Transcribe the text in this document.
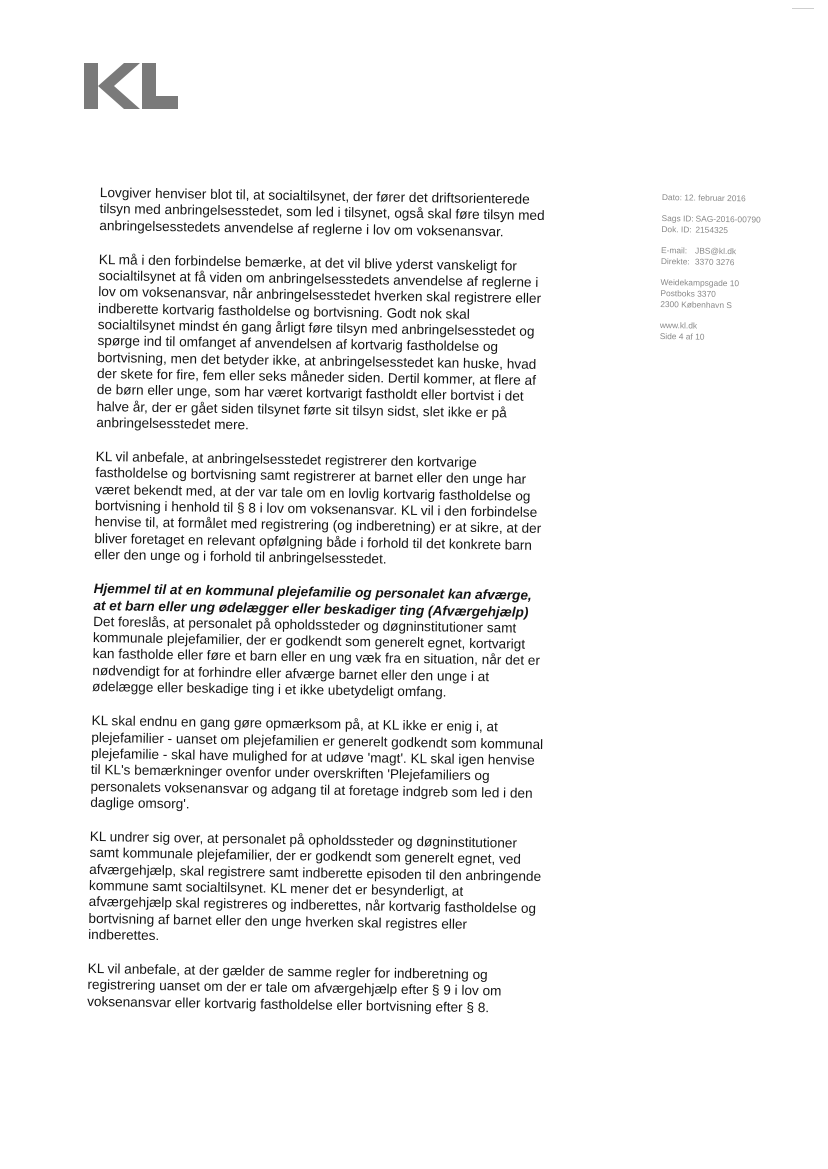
Lovgiver henviser blot til, at socialtilsynet, der fører det driftsorienterede tilsyn med anbringelsesstedet, som led i tilsynet, også skal føre tilsyn med anbringelsesstedets anvendelse af reglerne i lov om voksenansvar.

KL må i den forbindelse bemærke, at det vil blive yderst vanskeligt for socialtilsynet at få viden om anbringelsesstedets anvendelse af reglerne i lov om voksenansvar, når anbringelsesstedet hverken skal registrere eller indberette kortvarig fastholdelse og bortvisning. Godt nok skal socialtilsynet mindst én gang årligt føre tilsyn med anbringelsesstedet og spørge ind til omfanget af anvendelsen af kortvarig fastholdelse og bortvisning, men det betyder ikke, at anbringelsesstedet kan huske, hvad der skete for fire, fem eller seks måneder siden. Dertil kommer, at flere af de børn eller unge, som har været kortvarigt fastholdt eller bortvist i det halve år, der er gået siden tilsynet førte sit tilsyn sidst, slet ikke er på anbringelsesstedet mere.

KL vil anbefale, at anbringelsesstedet registrerer den kortvarige fastholdelse og bortvisning samt registrerer at barnet eller den unge har været bekendt med, at der var tale om en lovlig kortvarig fastholdelse og bortvisning i henhold til § 8 i lov om voksenansvar. KL vil i den forbindelse henvise til, at formålet med registrering (og indberetning) er at sikre, at der bliver foretaget en relevant opfølgning både i forhold til det konkrete barn eller den unge og i forhold til anbringelsesstedet.

Hjemmel til at en kommunal plejefamilie og personalet kan afværge, at et barn eller ung ødelægger eller beskadiger ting (Afværgehjælp)

Det foreslås, at personalet på opholdssteder og døgninstitutioner samt kommunale plejefamilier, der er godkendt som generelt egnet, kortvarigt kan fastholde eller føre et barn eller en ung væk fra en situation, når det er nødvendigt for at forhindre eller afværge barnet eller den unge i at ødelægge eller beskadige ting i et ikke ubetydeligt omfang.

KL skal endnu en gang gøre opmærksom på, at KL ikke er enig i, at plejefamilier - uanset om plejefamilien er generelt godkendt som kommunal plejefamilie - skal have mulighed for at udøve 'magt'. KL skal igen henvise til KL's bemærkninger ovenfor under overskriften 'Plejefamiliers og personalets voksenansvar og adgang til at foretage indgreb som led i den daglige omsorg'.

KL undrer sig over, at personalet på opholdssteder og døgninstitutioner samt kommunale plejefamilier, der er godkendt som generelt egnet, ved afværgehjælp, skal registrere samt indberette episoden til den anbringende kommune samt socialtilsynet. KL mener det er besynderligt, at afværgehjælp skal registreres og indberettes, når kortvarig fastholdelse og bortvisning af barnet eller den unge hverken skal registres eller indberettes.

KL vil anbefale, at der gælder de samme regler for indberetning og registrering uanset om der er tale om afværgehjælp efter § 9 i lov om voksenansvar eller kortvarig fastholdelse eller bortvisning efter § 8.

Dato: 12. februar 2016
Sags ID: SAG-2016-00790
Dok. ID: 2154325
E-mail: JBS@kl.dk
Direkte: 3370 3276
Weidekampsgade 10
Postboks 3370
2300 København S
www.kl.dk
Side 4 af 10
